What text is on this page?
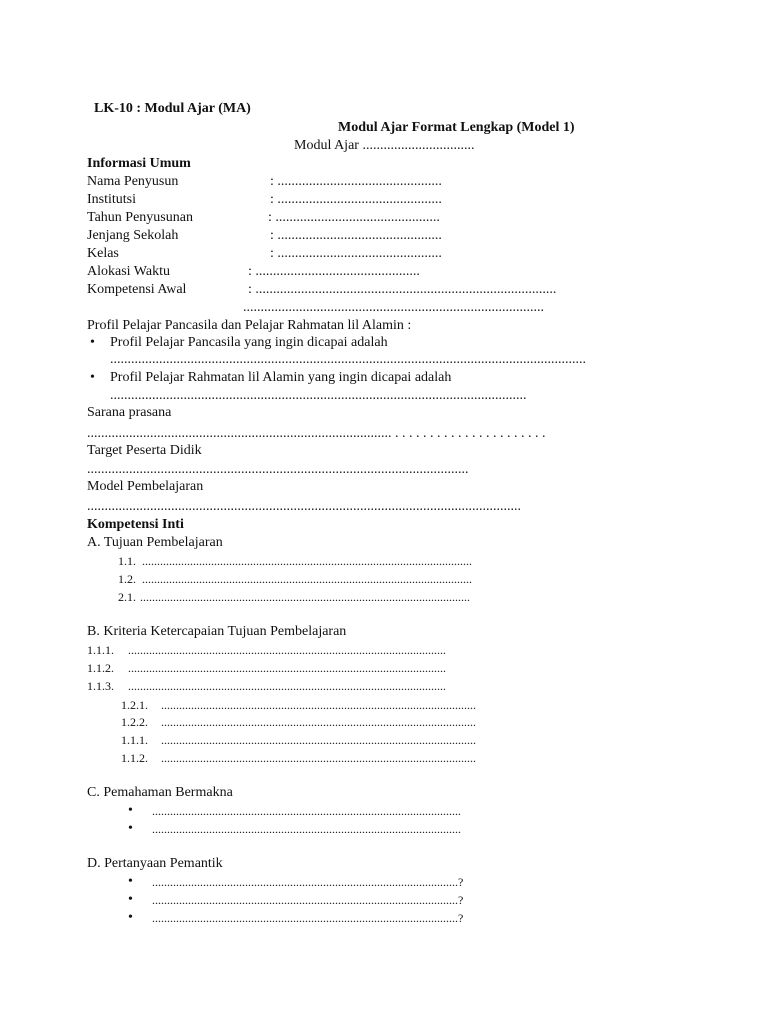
LK-10 : Modul Ajar (MA)
Modul Ajar Format Lengkap (Model 1)
Modul Ajar ................................
Informasi Umum
Nama Penyusun	: ...............................................
Institutsi	: ...............................................
Tahun Penyusunan	: ...............................................
Jenjang Sekolah	: ...............................................
Kelas	: ...............................................
Alokasi Waktu	: ...............................................
Kompetensi Awal	: ......................................................................................
......................................................................................
Profil Pelajar Pancasila dan Pelajar Rahmatan lil Alamin :
• Profil Pelajar Pancasila yang ingin dicapai adalah
........................................................................................................................................
• Profil Pelajar Rahmatan lil Alamin yang ingin dicapai adalah
.......................................................................................................................
Sarana prasana
....................................................................................... . . . . . . . . . . . . . . . . . . . . . .
Target Peserta Didik
.............................................................................................................
Model Pembelajaran
............................................................................................................................
Kompetensi Inti
A. Tujuan Pembelajaran
1.1. ..............................................................................................................
1.2. ..............................................................................................................
2.1. ..............................................................................................................
B. Kriteria Ketercapaian Tujuan Pembelajaran
1.1.1. ..........................................................................................................
1.1.2. ..........................................................................................................
1.1.3. ..........................................................................................................
1.2.1. .........................................................................................................
1.2.2. .........................................................................................................
1.1.1. .........................................................................................................
1.1.2. .........................................................................................................
C. Pemahaman Bermakna
• .......................................................................................................
• .......................................................................................................
D. Pertanyaan Pemantik
• ......................................................................................................?
• ......................................................................................................?
• ......................................................................................................?
